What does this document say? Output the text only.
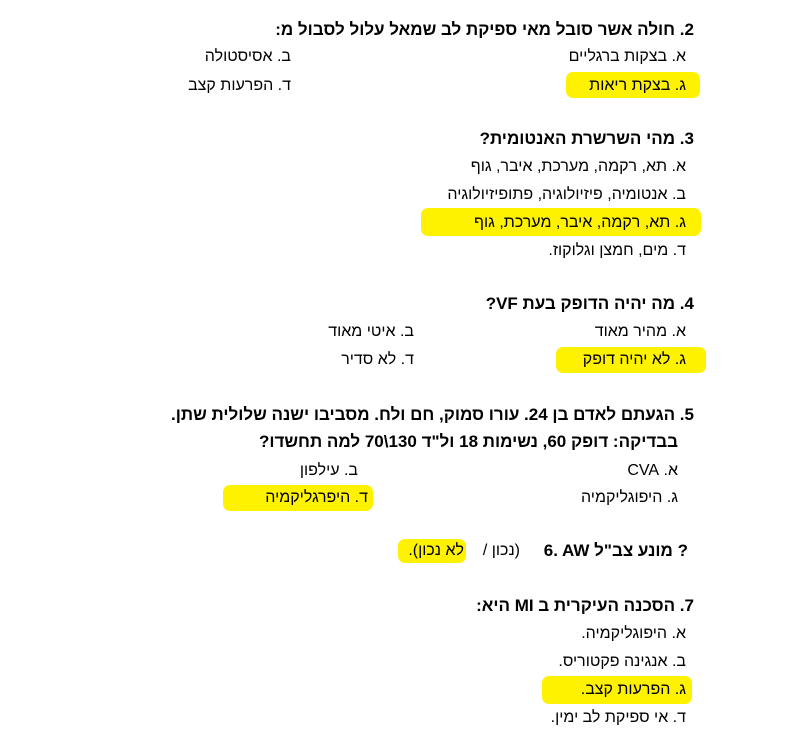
2. חולה אשר סובל מאי ספיקת לב שמאל עלול לסבול מ:
א. בצקות ברגליים
ב. אסיסטולה
ג. בצקת ריאות
ד. הפרעות קצב
3. מהי השרשרת האנטומית?
א. תא, רקמה, מערכת, איבר, גוף
ב. אנטומיה, פיזיולוגיה, פתופיזיולוגיה
ג. תא, רקמה, איבר, מערכת, גוף
ד. מים, חמצן וגלוקוז.
4. מה יהיה הדופק בעת VF?
א. מהיר מאוד
ב. איטי מאוד
ג. לא יהיה דופק
ד. לא סדיר
5. הגעתם לאדם בן 24. עורו סמוק, חם ולח. מסביבו ישנה שלולית שתן.
בבדיקה: דופק 60, נשימות 18 ול"ד 130\70 למה תחשדו?
א. CVA
ב. עילפון
ג. היפוגליקמיה
ד. היפרגליקמיה
6. AW מונע צב"ל ?
(נכון /
לא נכון).
7. הסכנה העיקרית ב MI היא:
א. היפוגליקמיה.
ב. אנגינה פקטוריס.
ג. הפרעות קצב.
ד. אי ספיקת לב ימין.
